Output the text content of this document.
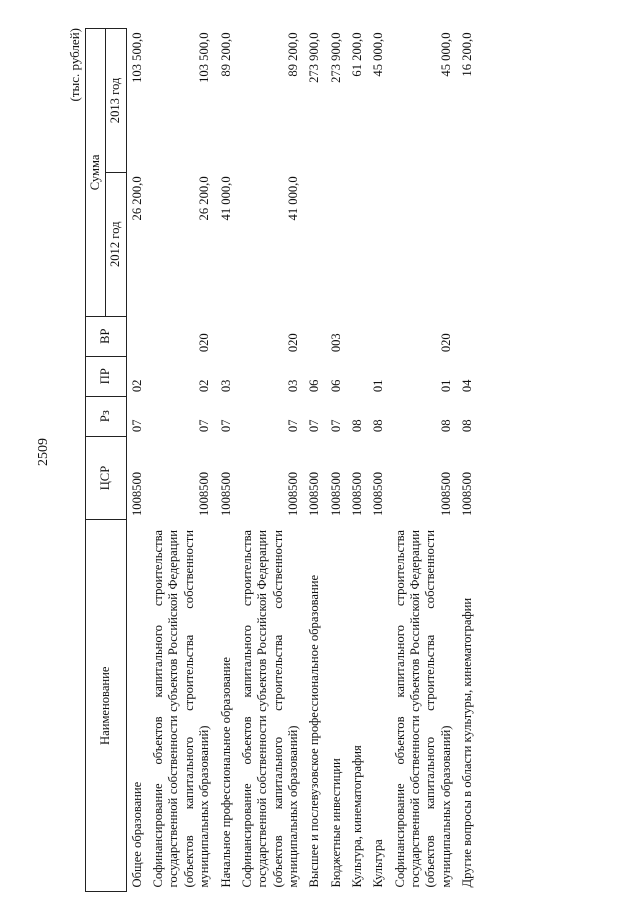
2509
(тыс. рублей)
Наименование	ЦСР	Рз	ПР	ВР	Сумма	
					2012 год	2013 год
Общее образование	1008500	07	02		26 200,0	103 500,0
Софинансирование объектов капитального строительства государственной собственности субъектов Российской Федерации (объектов капитального строительства собственности муниципальных образований)	1008500	07	02	020	26 200,0	103 500,0
Начальное профессиональное образование	1008500	07	03		41 000,0	89 200,0
Софинансирование объектов капитального строительства государственной собственности субъектов Российской Федерации (объектов капитального строительства собственности муниципальных образований)	1008500	07	03	020	41 000,0	89 200,0
Высшее и послевузовское профессиональное образование	1008500	07	06			273 900,0
Бюджетные инвестиции	1008500	07	06	003		273 900,0
Культура, кинематография	1008500	08				61 200,0
Культура	1008500	08	01			45 000,0
Софинансирование объектов капитального строительства государственной собственности субъектов Российской Федерации (объектов капитального строительства собственности муниципальных образований)	1008500	08	01	020		45 000,0
Другие вопросы в области культуры, кинематографии	1008500	08	04			16 200,0
